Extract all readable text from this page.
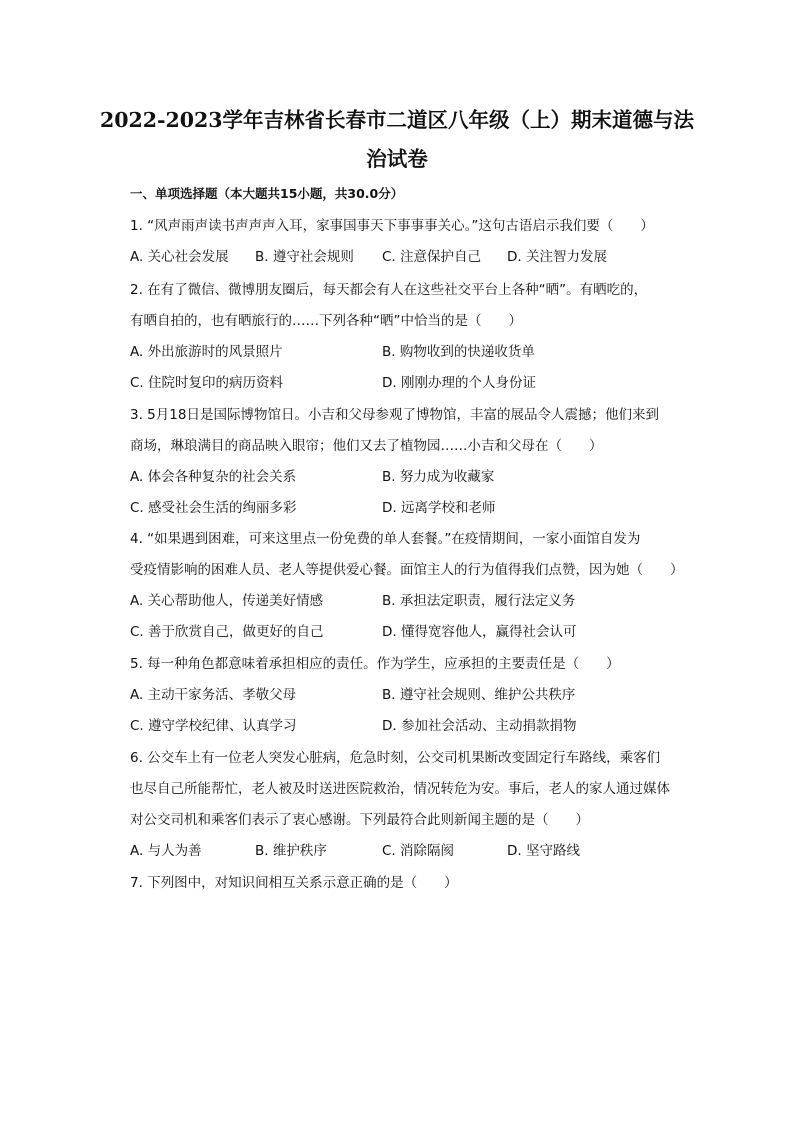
2022-2023学年吉林省长春市二道区八年级（上）期末道德与法
治试卷
一、单项选择题（本大题共15小题，共30.0分）
1. “风声雨声读书声声声入耳，家事国事天下事事事关心。”这句古语启示我们要（　　）
A. 关心社会发展 B. 遵守社会规则 C. 注意保护自己 D. 关注智力发展
2. 在有了微信、微博朋友圈后，每天都会有人在这些社交平台上各种“晒”。有晒吃的，
有晒自拍的，也有晒旅行的……下列各种“晒”中恰当的是（　　）
A. 外出旅游时的风景照片	B. 购物收到的快递收货单
C. 住院时复印的病历资料	D. 刚刚办理的个人身份证
3. 5月18日是国际博物馆日。小吉和父母参观了博物馆，丰富的展品令人震撼；他们来到
商场，琳琅满目的商品映入眼帘；他们又去了植物园……小吉和父母在（　　）
A. 体会各种复杂的社会关系	B. 努力成为收藏家
C. 感受社会生活的绚丽多彩	D. 远离学校和老师
4. “如果遇到困难，可来这里点一份免费的单人套餐。”在疫情期间，一家小面馆自发为
受疫情影响的困难人员、老人等提供爱心餐。面馆主人的行为值得我们点赞，因为她（　　）
A. 关心帮助他人，传递美好情感	B. 承担法定职责，履行法定义务
C. 善于欣赏自己，做更好的自己	D. 懂得宽容他人，赢得社会认可
5. 每一种角色都意味着承担相应的责任。作为学生，应承担的主要责任是（　　）
A. 主动干家务活、孝敬父母	B. 遵守社会规则、维护公共秩序
C. 遵守学校纪律、认真学习	D. 参加社会活动、主动捐款捐物
6. 公交车上有一位老人突发心脏病，危急时刻，公交司机果断改变固定行车路线，乘客们
也尽自己所能帮忙，老人被及时送进医院救治，情况转危为安。事后，老人的家人通过媒体
对公交司机和乘客们表示了衷心感谢。下列最符合此则新闻主题的是（　　）
A. 与人为善	B. 维护秩序	C. 消除隔阂	D. 坚守路线
7. 下列图中，对知识间相互关系示意正确的是（　　）
